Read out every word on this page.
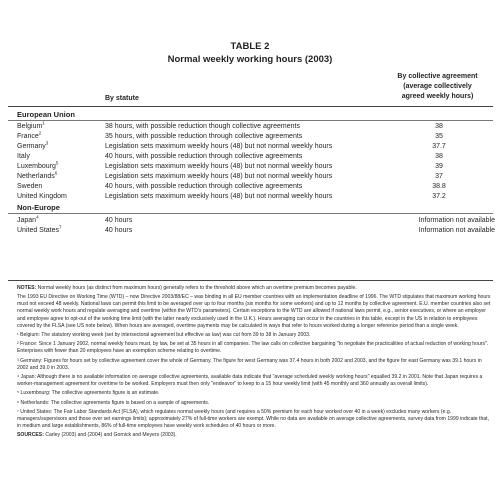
TABLE 2
Normal weekly working hours (2003)
By collective agreement
(average collectively
agreed weekly hours)
By statute
European Union
Belgium$^1$	38 hours, with possible reduction though collective agreements	38
France$^2$	35 hours, with possible reduction through collective agreements	35
Germany$^3$	Legislation sets maximum weekly hours (48) but not normal weekly hours	37.7
Italy	40 hours, with possible reduction through collective agreements	38
Luxembourg$^5$	Legislation sets maximum weekly hours (48) but not normal weekly hours	39
Netherlands$^6$	Legislation sets maximum weekly hours (48) but not normal weekly hours	37
Sweden	40 hours, with possible reduction through collective agreements	38.8
United Kingdom	Legislation sets maximum weekly hours (48) but not normal weekly hours	37.2
Non-Europe
Japan$^4$	40 hours	Information not available
United States$^7$	40 hours	Information not available

NOTES: Normal weekly hours (as distinct from maximum hours) generally refers to the threshold above which an overtime premium becomes payable.

The 1993 EU Directive on Working Time (WTD) – now Directive 2003/88/EC – was binding in all EU member countries with an implementation deadline of 1996. The WTD stipulates that maximum working hours must not exceed 48 weekly. National laws can permit this limit to be averaged over up to four months (six months for some workers) and up to 12 months by collective agreement. E.U. member countries also set normal weekly work hours and regulate averaging and overtime (within the WTD's parameters). Certain exceptions to the WTD are allowed if national laws permit, e.g., senior executives, or where an employer and employee agree to opt-out of the working time limit (with the latter nearly exclusively used in the U.K.). Hours averaging can occur in the countries in this table, except in the US in relation to employees covered by the FLSA (see US note below). When hours are averaged, overtime payments may be calculated in ways that refer to hours worked during a longer reference period than a single week.

¹ Belgium: The statutory working week (set by intersectoral agreement but effective as law) was cut from 39 to 38 in January 2003.

² France: Since 1 January 2002, normal weekly hours must, by law, be set at 35 hours in all companies. The law calls on collective bargaining "to negotiate the practicalities of actual reduction of working hours". Enterprises with fewer than 20 employees have an exemption scheme relating to overtime.

³ Germany: Figures for hours set by collective agreement cover the whole of Germany. The figure for west Germany was 37.4 hours in both 2002 and 2003, and the figure for east Germany was 39.1 hours in 2002 and 39.0 in 2003.

⁴ Japan: Although there is no available information on average collective agreements, available data indicate that "average scheduled weekly working hours" equalled 39.2 in 2001. Note that Japan requires a worker-management agreement for overtime to be worked. Employers must then only "endeavor" to keep to a 15 hour weekly limit (with 45 monthly and 360 annually as overall limits).

⁵ Luxembourg: The collective agreements figure is an estimate.

⁶ Netherlands: The collective agreements figure is based on a sample of agreements.

⁷ United States: The Fair Labor Standards Act (FLSA), which regulates normal weekly hours (and requires a 50% premium for each hour worked over 40 in a week) excludes many workers (e.g. managers/supervisors and those over set earnings limits); approximately 27% of full-time workers are exempt. While no data are available on average collective agreements, survey data from 1999 indicate that, in medium and large establishments, 86% of full-time employees have weekly work schedules of 40 hours or more.

SOURCES: Carley (2003) and (2004) and Gornick and Meyers (2003).
